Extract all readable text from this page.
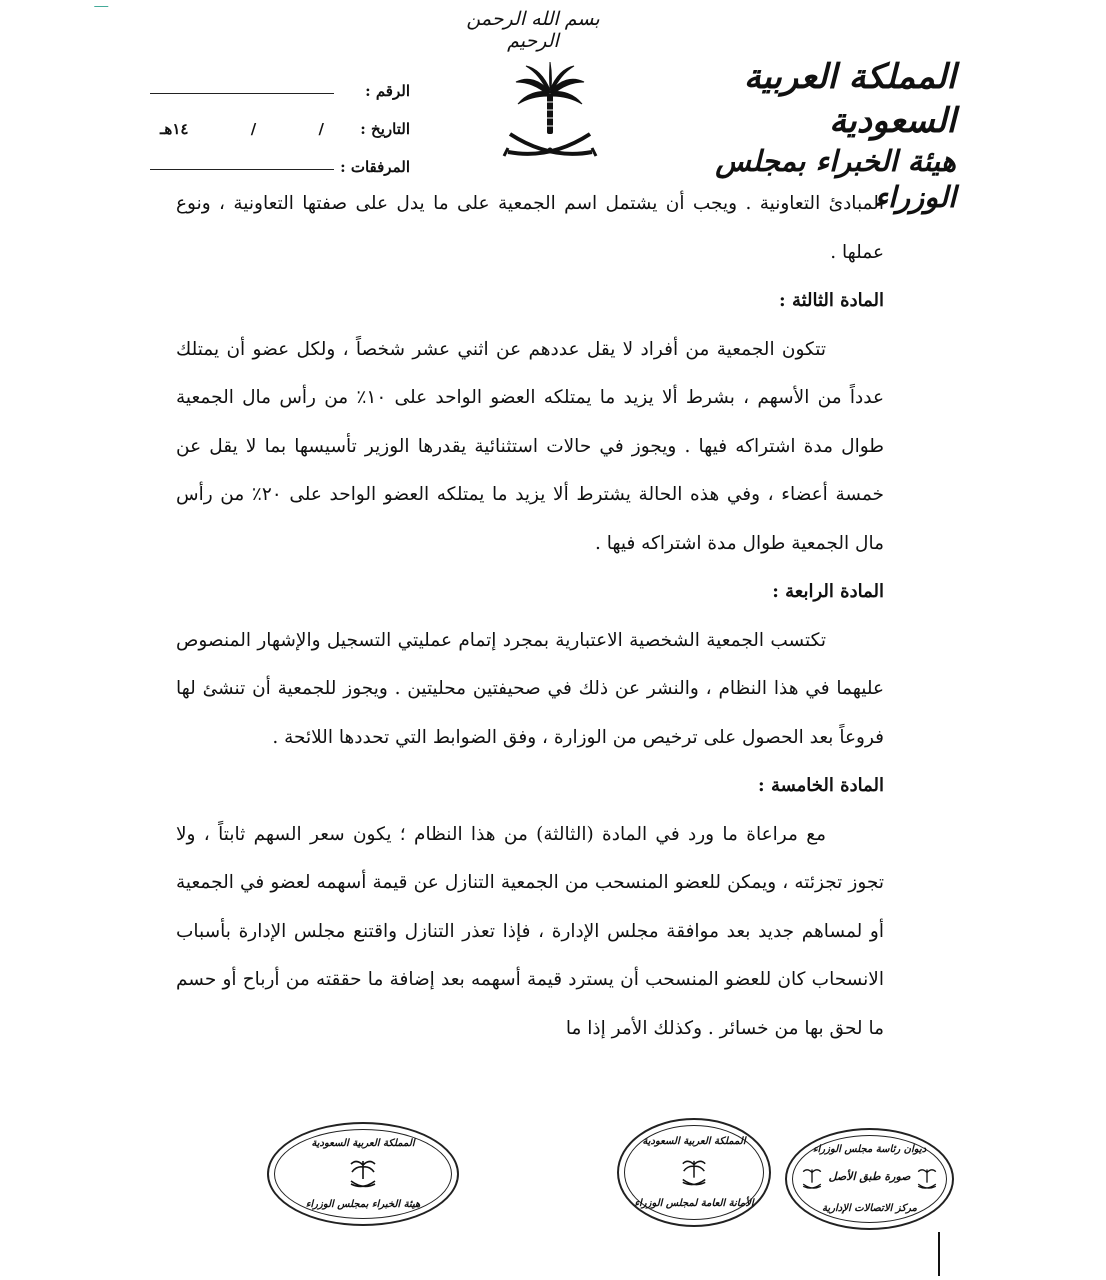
بسم الله الرحمن الرحيم
المملكة العربية السعودية
هيئة الخبراء بمجلس الوزراء
الرقم :
التاريخ :
/
/
١٤هـ
المرفقات :

المبادئ التعاونية . ويجب أن يشتمل اسم الجمعية على ما يدل على صفتها التعاونية ، ونوع عملها .

المادة الثالثة :

تتكون الجمعية من أفراد لا يقل عددهم عن اثني عشر شخصاً ، ولكل عضو أن يمتلك عدداً من الأسهم ، بشرط ألا يزيد ما يمتلكه العضو الواحد على ١٠٪ من رأس مال الجمعية طوال مدة اشتراكه فيها . ويجوز في حالات استثنائية يقدرها الوزير تأسيسها بما لا يقل عن خمسة أعضاء ، وفي هذه الحالة يشترط ألا يزيد ما يمتلكه العضو الواحد على ٢٠٪ من رأس مال الجمعية طوال مدة اشتراكه فيها .

المادة الرابعة :

تكتسب الجمعية الشخصية الاعتبارية بمجرد إتمام عمليتي التسجيل والإشهار المنصوص عليهما في هذا النظام ، والنشر عن ذلك في صحيفتين محليتين . ويجوز للجمعية أن تنشئ لها فروعاً بعد الحصول على ترخيص من الوزارة ، وفق الضوابط التي تحددها اللائحة .

المادة الخامسة :

مع مراعاة ما ورد في المادة (الثالثة) من هذا النظام ؛ يكون سعر السهم ثابتاً ، ولا تجوز تجزئته ، ويمكن للعضو المنسحب من الجمعية التنازل عن قيمة أسهمه لعضو في الجمعية أو لمساهم جديد بعد موافقة مجلس الإدارة ، فإذا تعذر التنازل واقتنع مجلس الإدارة بأسباب الانسحاب كان للعضو المنسحب أن يسترد قيمة أسهمه بعد إضافة ما حققته من أرباح أو حسم ما لحق بها من خسائر . وكذلك الأمر إذا ما

المملكة العربية السعودية
هيئة الخبراء بمجلس الوزراء
المملكة العربية السعودية
الأمانة العامة لمجلس الوزراء
ديوان رئاسة مجلس الوزراء
صورة طبق الأصل
مركز الاتصالات الإدارية
